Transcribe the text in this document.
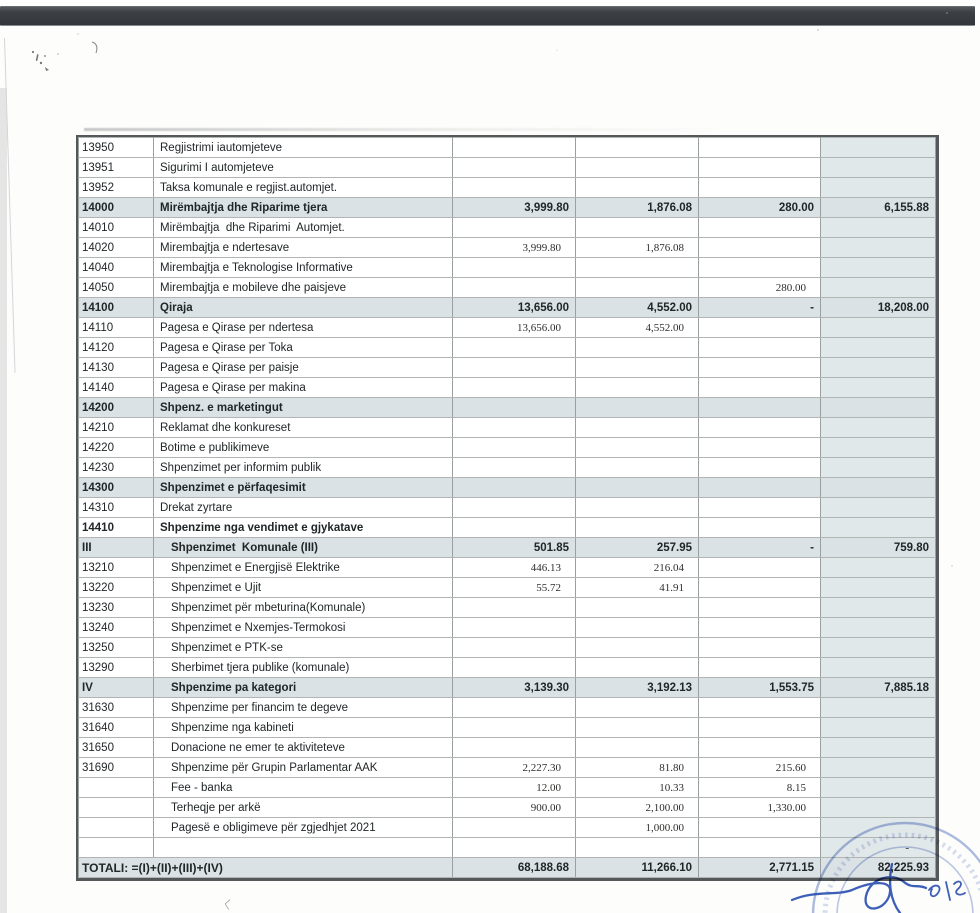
13950	Regjistrimi iautomjeteve				
13951	Sigurimi I automjeteve				
13952	Taksa komunale e regjist.automjet.				
14000	Mirëmbajtja dhe Riparime tjera	3,999.80	1,876.08	280.00	6,155.88
14010	Mirëmbajtja  dhe Riparimi  Automjet.				
14020	Mirembajtja e ndertesave	3,999.80	1,876.08		
14040	Mirembajtja e Teknologise Informative				
14050	Mirembajtja e mobileve dhe paisjeve			280.00	
14100	Qiraja	13,656.00	4,552.00	-	18,208.00
14110	Pagesa e Qirase per ndertesa	13,656.00	4,552.00		
14120	Pagesa e Qirase per Toka				
14130	Pagesa e Qirase per paisje				
14140	Pagesa e Qirase per makina				
14200	Shpenz. e marketingut				
14210	Reklamat dhe konkureset				
14220	Botime e publikimeve				
14230	Shpenzimet per informim publik				
14300	Shpenzimet e përfaqesimit				
14310	Drekat zyrtare				
14410	Shpenzime nga vendimet e gjykatave				
III	Shpenzimet  Komunale (III)	501.85	257.95	-	759.80
13210	Shpenzimet e Energjisë Elektrike	446.13	216.04		
13220	Shpenzimet e Ujit	55.72	41.91		
13230	Shpenzimet për mbeturina(Komunale)				
13240	Shpenzimet e Nxemjes-Termokosi				
13250	Shpenzimet e PTK-se				
13290	Sherbimet tjera publike (komunale)				
IV	Shpenzime pa kategori	3,139.30	3,192.13	1,553.75	7,885.18
31630	Shpenzime per financim te degeve				
31640	Shpenzime nga kabineti				
31650	Donacione ne emer te aktiviteteve				
31690	Shpenzime për Grupin Parlamentar AAK	2,227.30	81.80	215.60	
	Fee - banka	12.00	10.33	8.15	
	Terheqje per arkë	900.00	2,100.00	1,330.00	
	Pagesë e obligimeve për zgjedhjet 2021		1,000.00		
					-
TOTALI: =(I)+(II)+(III)+(IV)		68,188.68	11,266.10	2,771.15	82,225.93
〈
